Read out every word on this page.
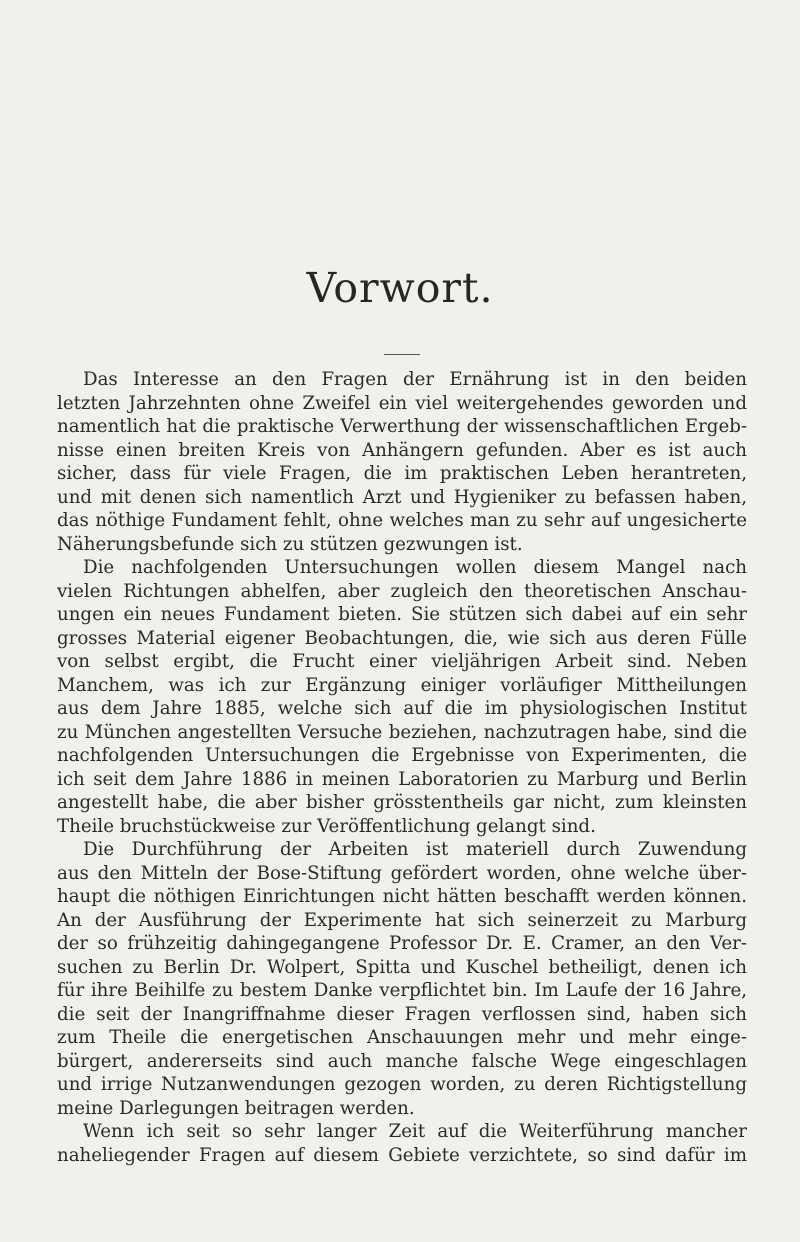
Vorwort.
Das Interesse an den Fragen der Ernährung ist in den beiden
letzten Jahrzehnten ohne Zweifel ein viel weitergehendes geworden und
namentlich hat die praktische Verwerthung der wissenschaftlichen Ergeb-
nisse einen breiten Kreis von Anhängern gefunden. Aber es ist auch
sicher, dass für viele Fragen, die im praktischen Leben herantreten,
und mit denen sich namentlich Arzt und Hygieniker zu befassen haben,
das nöthige Fundament fehlt, ohne welches man zu sehr auf ungesicherte
Näherungsbefunde sich zu stützen gezwungen ist.
Die nachfolgenden Untersuchungen wollen diesem Mangel nach
vielen Richtungen abhelfen, aber zugleich den theoretischen Anschau-
ungen ein neues Fundament bieten. Sie stützen sich dabei auf ein sehr
grosses Material eigener Beobachtungen, die, wie sich aus deren Fülle
von selbst ergibt, die Frucht einer vieljährigen Arbeit sind. Neben
Manchem, was ich zur Ergänzung einiger vorläufiger Mittheilungen
aus dem Jahre 1885, welche sich auf die im physiologischen Institut
zu München angestellten Versuche beziehen, nachzutragen habe, sind die
nachfolgenden Untersuchungen die Ergebnisse von Experimenten, die
ich seit dem Jahre 1886 in meinen Laboratorien zu Marburg und Berlin
angestellt habe, die aber bisher grösstentheils gar nicht, zum kleinsten
Theile bruchstückweise zur Veröffentlichung gelangt sind.
Die Durchführung der Arbeiten ist materiell durch Zuwendung
aus den Mitteln der Bose-Stiftung gefördert worden, ohne welche über-
haupt die nöthigen Einrichtungen nicht hätten beschafft werden können.
An der Ausführung der Experimente hat sich seinerzeit zu Marburg
der so frühzeitig dahingegangene Professor Dr. E. Cramer, an den Ver-
suchen zu Berlin Dr. Wolpert, Spitta und Kuschel betheiligt, denen ich
für ihre Beihilfe zu bestem Danke verpflichtet bin. Im Laufe der 16 Jahre,
die seit der Inangriffnahme dieser Fragen verflossen sind, haben sich
zum Theile die energetischen Anschauungen mehr und mehr einge-
bürgert, andererseits sind auch manche falsche Wege eingeschlagen
und irrige Nutzanwendungen gezogen worden, zu deren Richtigstellung
meine Darlegungen beitragen werden.
Wenn ich seit so sehr langer Zeit auf die Weiterführung mancher
naheliegender Fragen auf diesem Gebiete verzichtete, so sind dafür im
